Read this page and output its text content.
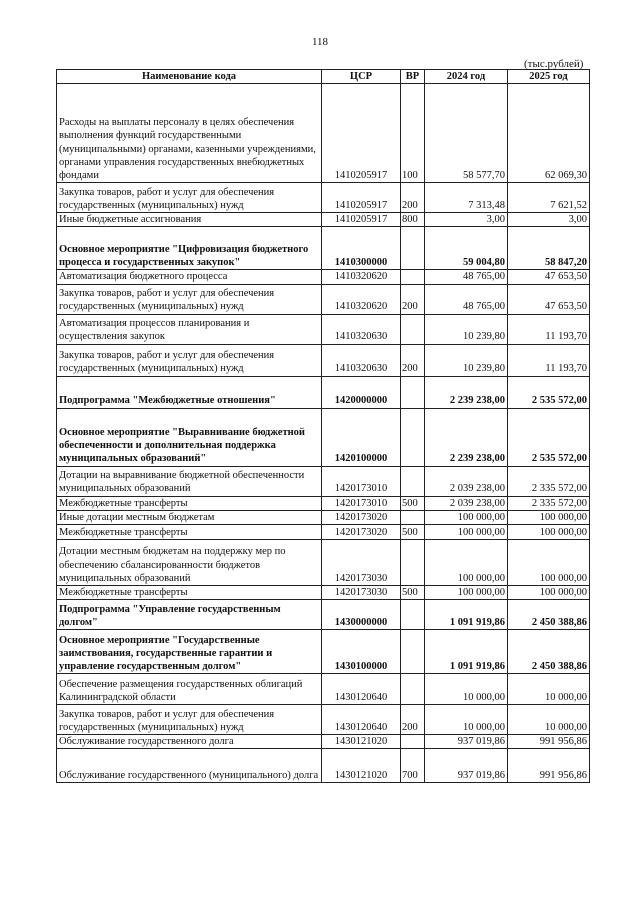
118
(тыс.рублей)
Наименование кода	ЦСР	ВР	2024 год	2025 год
Расходы на выплаты персоналу в целях обеспечения выполнения функций государственными (муниципальными) органами, казенными учреждениями, органами управления государственных внебюджетных фондами	1410205917	100	58 577,70	62 069,30
Закупка товаров, работ и услуг для обеспечения государственных (муниципальных) нужд	1410205917	200	7 313,48	7 621,52
Иные бюджетные ассигнования	1410205917	800	3,00	3,00
Основное мероприятие "Цифровизация бюджетного процесса и государственных закупок"	1410300000		59 004,80	58 847,20
Автоматизация бюджетного процесса	1410320620		48 765,00	47 653,50
Закупка товаров, работ и услуг для обеспечения государственных (муниципальных) нужд	1410320620	200	48 765,00	47 653,50
Автоматизация процессов планирования и осуществления закупок	1410320630		10 239,80	11 193,70
Закупка товаров, работ и услуг для обеспечения государственных (муниципальных) нужд	1410320630	200	10 239,80	11 193,70
Подпрограмма "Межбюджетные отношения"	1420000000		2 239 238,00	2 535 572,00
Основное мероприятие "Выравнивание бюджетной обеспеченности и дополнительная поддержка муниципальных образований"	1420100000		2 239 238,00	2 535 572,00
Дотации на выравнивание бюджетной обеспеченности муниципальных образований	1420173010		2 039 238,00	2 335 572,00
Межбюджетные трансферты	1420173010	500	2 039 238,00	2 335 572,00
Иные дотации местным бюджетам	1420173020		100 000,00	100 000,00
Межбюджетные трансферты	1420173020	500	100 000,00	100 000,00
Дотации местным бюджетам на поддержку мер по обеспечению сбалансированности бюджетов муниципальных образований	1420173030		100 000,00	100 000,00
Межбюджетные трансферты	1420173030	500	100 000,00	100 000,00
Подпрограмма "Управление государственным долгом"	1430000000		1 091 919,86	2 450 388,86
Основное мероприятие "Государственные заимствования, государственные гарантии и управление государственным долгом"	1430100000		1 091 919,86	2 450 388,86
Обеспечение размещения государственных облигаций Калининградской области	1430120640		10 000,00	10 000,00
Закупка товаров, работ и услуг для обеспечения государственных (муниципальных) нужд	1430120640	200	10 000,00	10 000,00
Обслуживание государственного долга	1430121020		937 019,86	991 956,86
Обслуживание государственного (муниципального) долга	1430121020	700	937 019,86	991 956,86
